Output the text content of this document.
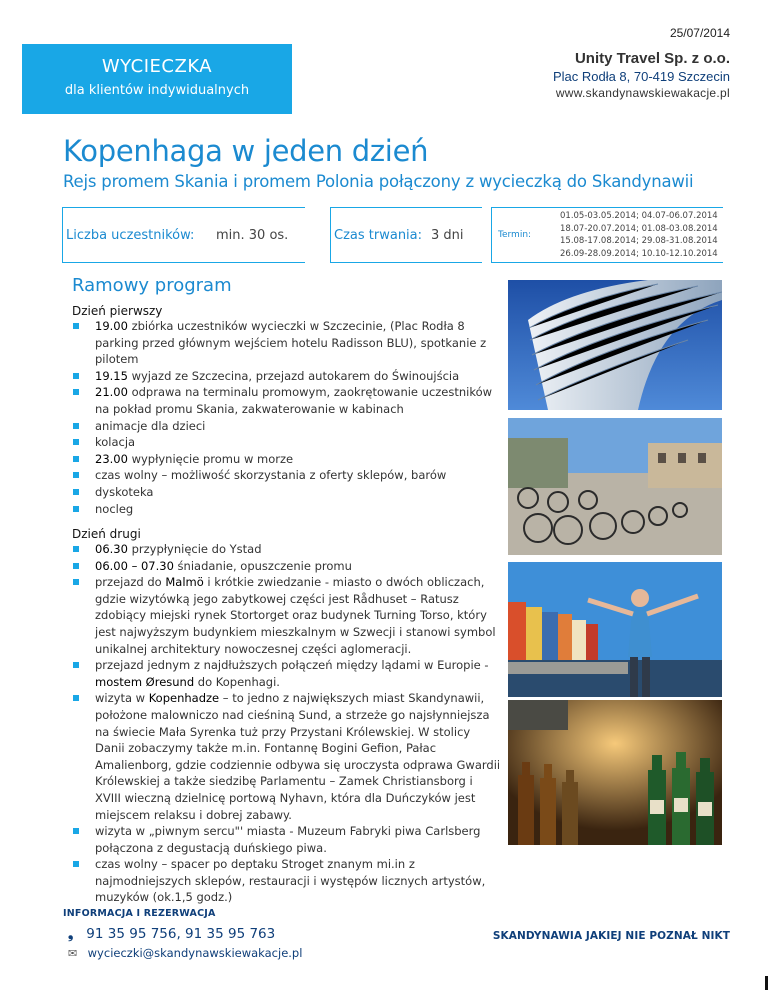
25/07/2014
WYCIECZKA
dla klientów indywidualnych
Unity Travel Sp. z o.o.
Plac Rodła 8, 70-419 Szczecin
www.skandynawskiewakacje.pl
Kopenhaga w jeden dzień
Rejs promem Skania i promem Polonia połączony z wycieczką do Skandynawii
Liczba uczestników: min. 30 os.	Czas trwania: 3 dni	Termin:
01.05-03.05.2014; 04.07-06.07.2014
18.07-20.07.2014; 01.08-03.08.2014
15.08-17.08.2014; 29.08-31.08.2014
26.09-28.09.2014; 10.10-12.10.2014
Ramowy program
Dzień pierwszy
19.00 zbiórka uczestników wycieczki w Szczecinie, (Plac Rodła 8 parking przed głównym wejściem hotelu Radisson BLU), spotkanie z pilotem
19.15 wyjazd ze Szczecina, przejazd autokarem do Świnoujścia
21.00 odprawa na terminalu promowym, zaokrętowanie uczestników na pokład promu Skania, zakwaterowanie w kabinach
animacje dla dzieci
kolacja
23.00 wypłynięcie promu w morze
czas wolny – możliwość skorzystania z oferty sklepów, barów
dyskoteka
nocleg
Dzień drugi
06.30 przypłynięcie do Ystad
06.00 – 07.30 śniadanie, opuszczenie promu
przejazd do Malmö i krótkie zwiedzanie - miasto o dwóch obliczach, gdzie wizytówką jego zabytkowej części jest Rådhuset – Ratusz zdobiący miejski rynek Stortorget oraz budynek Turning Torso, który jest najwyższym budynkiem mieszkalnym w Szwecji i stanowi symbol unikalnej architektury nowoczesnej części aglomeracji.
przejazd jednym z najdłuższych połączeń między lądami w Europie - mostem Øresund do Kopenhagi.
wizyta w Kopenhadze – to jedno z największych miast Skandynawii, położone malowniczo nad cieśniną Sund, a strzeże go najsłynniejsza na świecie Mała Syrenka tuż przy Przystani Królewskiej. W stolicy Danii zobaczymy także m.in. Fontannę Bogini Gefion, Pałac Amalienborg, gdzie codziennie odbywa się uroczysta odprawa Gwardii Królewskiej a także siedzibę Parlamentu – Zamek Christiansborg i XVIII wieczną dzielnicę portową Nyhavn, która dla Duńczyków jest miejscem relaksu i dobrej zabawy.
wizyta w „piwnym sercu"' miasta - Muzeum Fabryki piwa Carlsberg połączona z degustacją duńskiego piwa.
czas wolny – spacer po deptaku Stroget znanym mi.in z najmodniejszych sklepów, restauracji i występów licznych artystów, muzyków (ok.1,5 godz.)
INFORMACJA I REZERWACJA
❟ 91 35 95 756, 91 35 95 763
✉ wycieczki@skandynawskiewakacje.pl
SKANDYNAWIA JAKIEJ NIE POZNAŁ NIKT
